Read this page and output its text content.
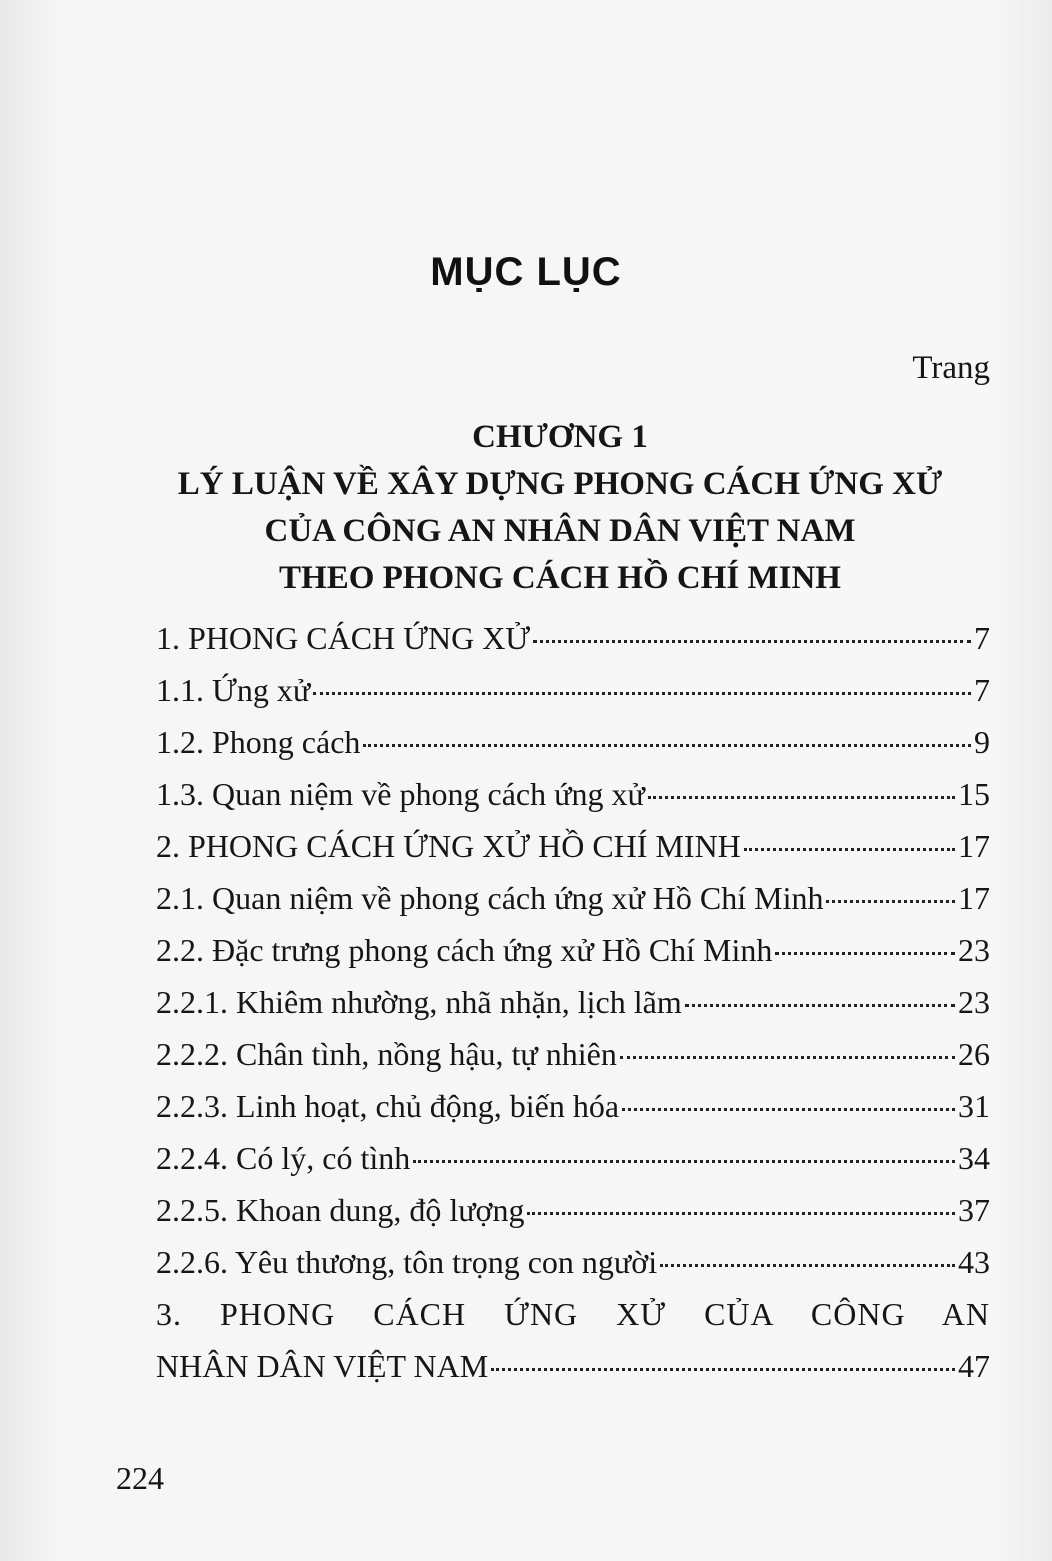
MỤC LỤC
Trang
CHƯƠNG 1
LÝ LUẬN VỀ XÂY DỰNG PHONG CÁCH ỨNG XỬ
CỦA CÔNG AN NHÂN DÂN VIỆT NAM
THEO PHONG CÁCH HỒ CHÍ MINH
1. PHONG CÁCH ỨNG XỬ	7
1.1. Ứng xử	7
1.2. Phong cách	9
1.3. Quan niệm về phong cách ứng xử	15
2. PHONG CÁCH ỨNG XỬ HỒ CHÍ MINH	17
2.1. Quan niệm về phong cách ứng xử Hồ Chí Minh	17
2.2. Đặc trưng phong cách ứng xử Hồ Chí Minh	23
2.2.1. Khiêm nhường, nhã nhặn, lịch lãm	23
2.2.2. Chân tình, nồng hậu, tự nhiên	26
2.2.3. Linh hoạt, chủ động, biến hóa	31
2.2.4. Có lý, có tình	34
2.2.5. Khoan dung, độ lượng	37
2.2.6. Yêu thương, tôn trọng con người	43
3. PHONG CÁCH ỨNG XỬ CỦA CÔNG AN
NHÂN DÂN VIỆT NAM	47
224
